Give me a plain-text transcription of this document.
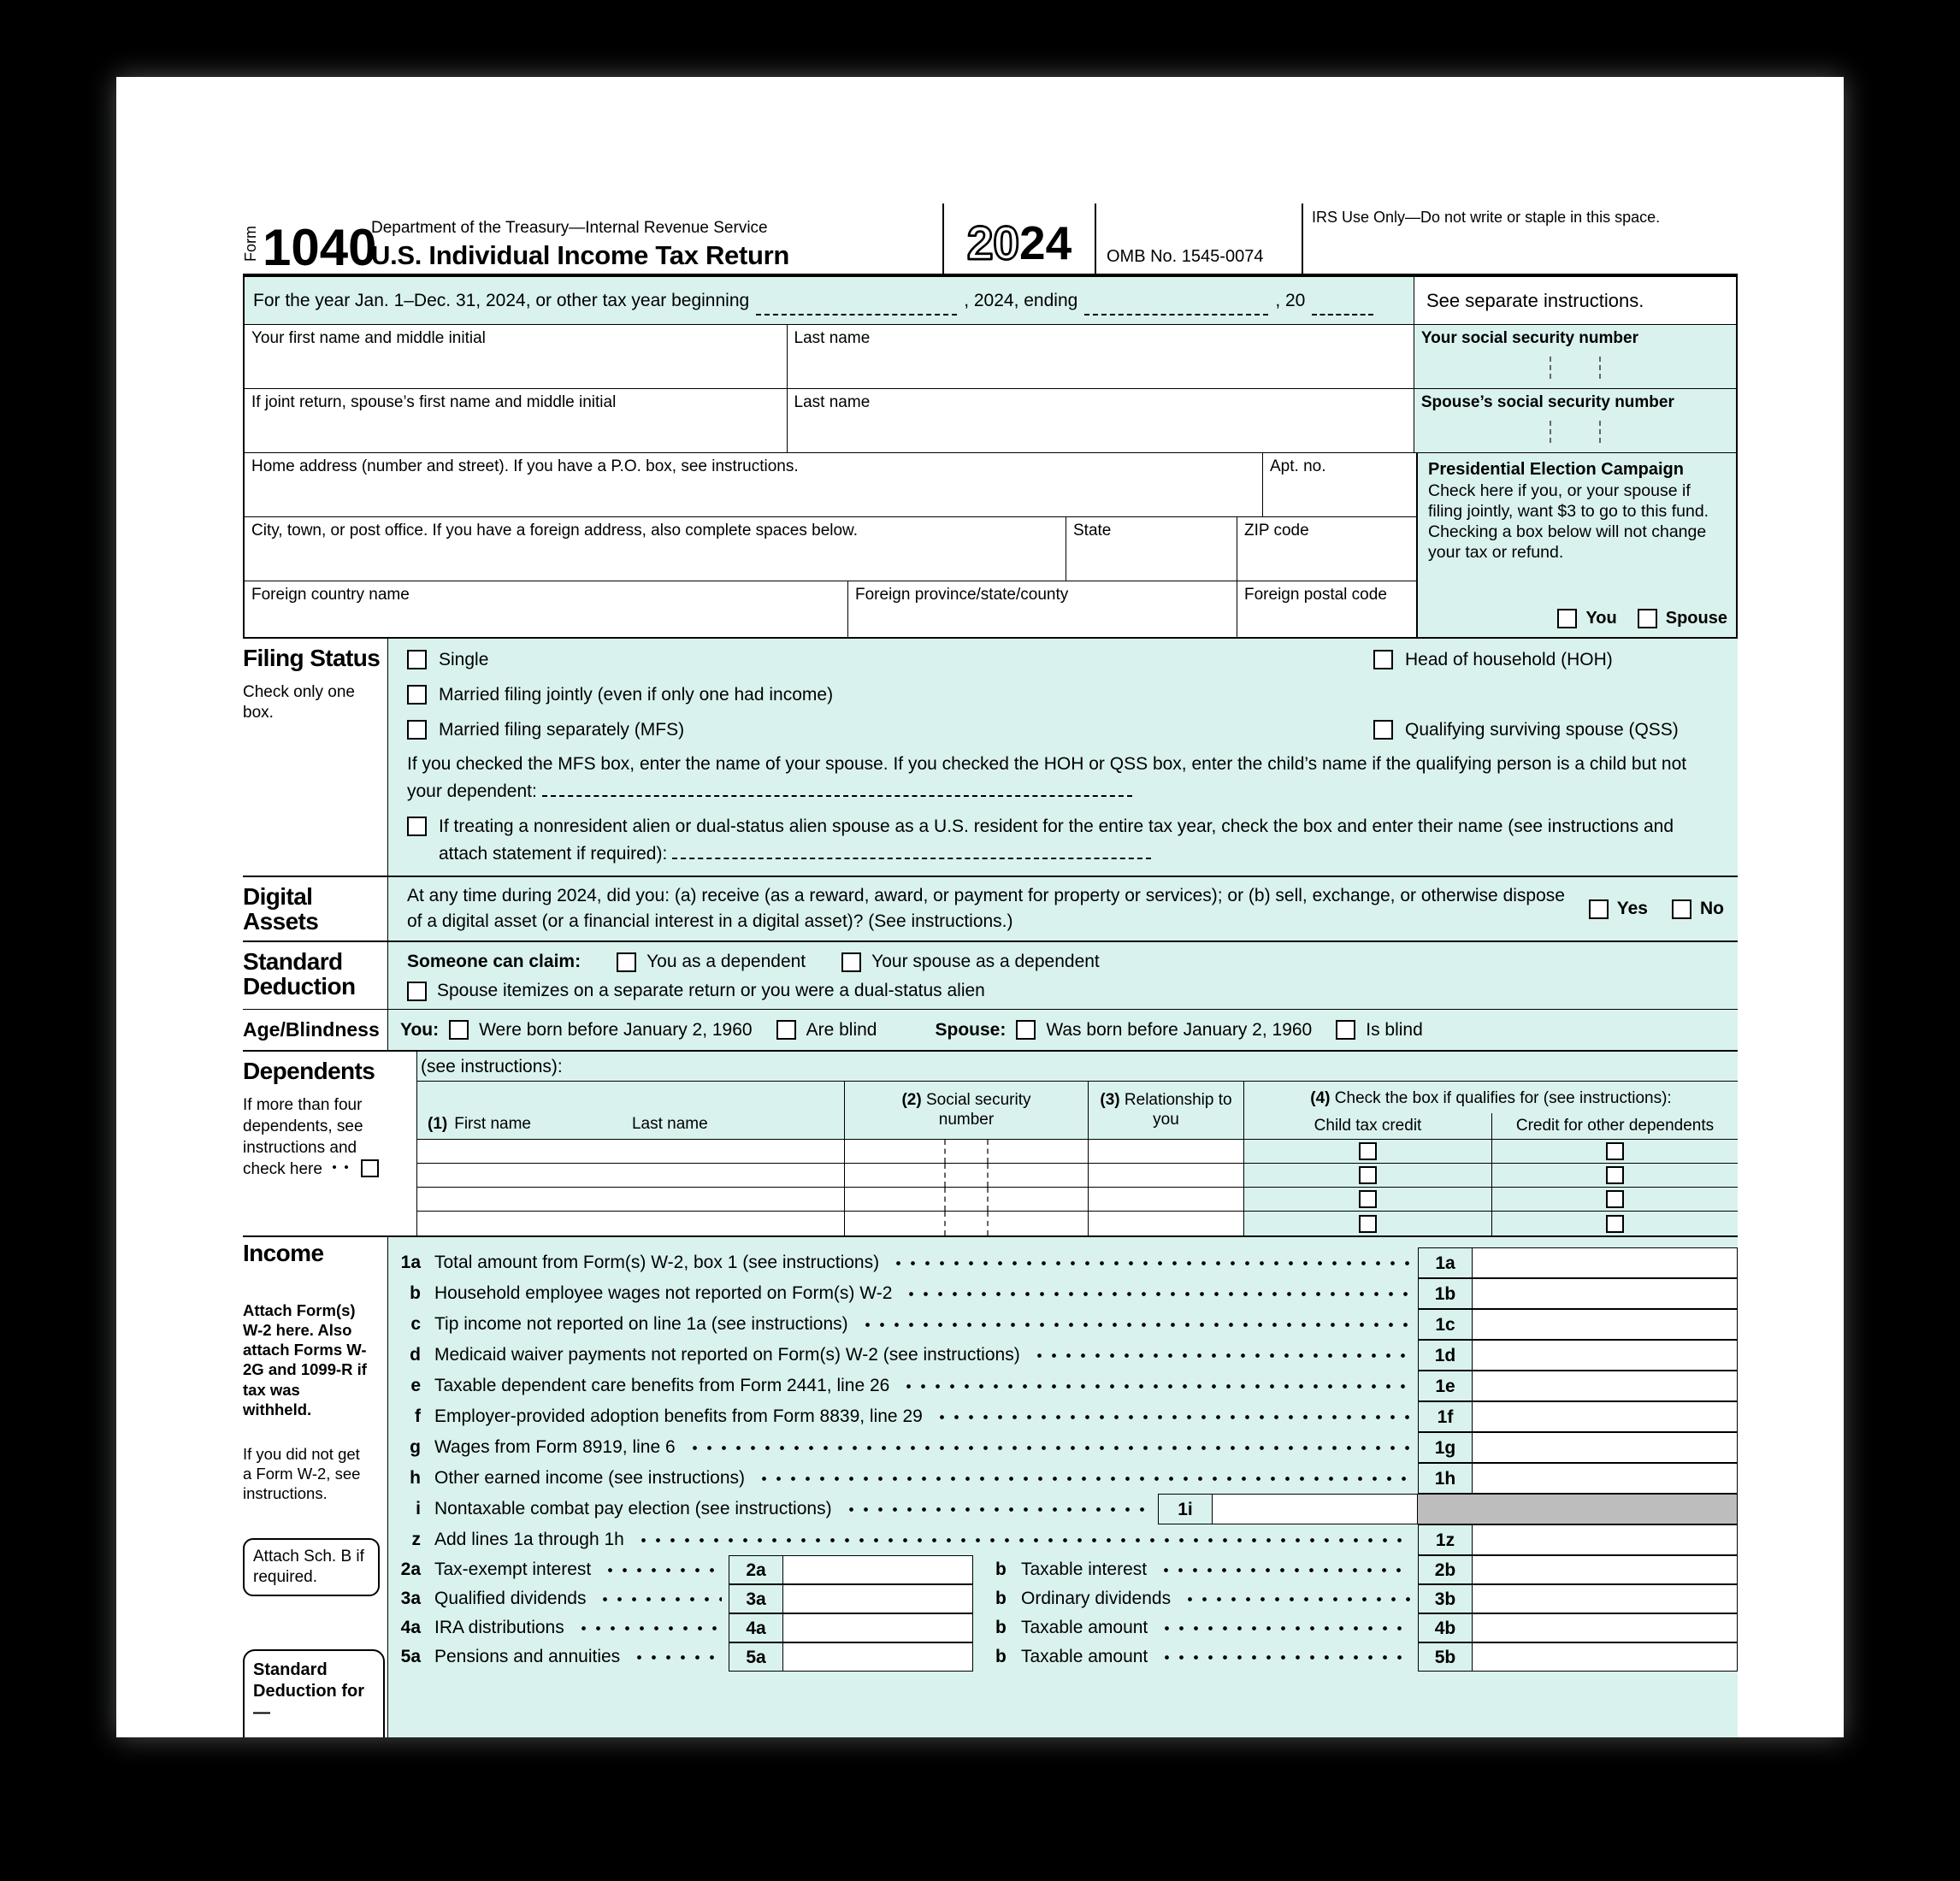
Form 1040
Department of the Treasury—Internal Revenue Service
U.S. Individual Income Tax Return	20 24	OMB No. 1545-0074
IRS Use Only—Do not write or staple in this space.
For the year Jan. 1–Dec. 31, 2024, or other tax year beginning	, 2024, ending	, 20	See separate instructions.
Your first name and middle initial	Last name	Your social security number
If joint return, spouse’s first name and middle initial	Last name	Spouse’s social security number
Home address (number and street). If you have a P.O. box, see instructions.	Apt. no.
City, town, or post office. If you have a foreign address, also complete spaces below.	State	ZIP code
Foreign country name	Foreign province/state/county	Foreign postal code
Presidential Election Campaign
Check here if you, or your spouse if filing jointly, want $3 to go to this fund. Checking a box below will not change your tax or refund.
You	Spouse
Filing Status
Check only one box.
Single	Head of household (HOH)
Married filing jointly (even if only one had income)
Married filing separately (MFS)	Qualifying surviving spouse (QSS)
If you checked the MFS box, enter the name of your spouse. If you checked the HOH or QSS box, enter the child’s name if the qualifying person is a child but not your dependent:
If treating a nonresident alien or dual-status alien spouse as a U.S. resident for the entire tax year, check the box and enter their name (see instructions and attach statement if required):
Digital Assets
At any time during 2024, did you: (a) receive (as a reward, award, or payment for property or services); or (b) sell, exchange, or otherwise dispose of a digital asset (or a financial interest in a digital asset)? (See instructions.)
Yes	No
Standard Deduction
Someone can claim:	You as a dependent	Your spouse as a dependent
Spouse itemizes on a separate return or you were a dual-status alien
Age/Blindness	You: Were born before January 2, 1960	Are blind	Spouse: Was born before January 2, 1960	Is blind
Dependents
If more than four dependents, see instructions and check here
(see instructions):
(1) First name	Last name
(2) Social security number
(3) Relationship to you
(4) Check the box if qualifies for (see instructions):
Child tax credit	Credit for other dependents
Income
Attach Form(s) W-2 here. Also attach Forms W-2G and 1099-R if tax was withheld.
If you did not get a Form W-2, see instructions.
Attach Sch. B if required.
Standard Deduction for—
1a Total amount from Form(s) W-2, box 1 (see instructions)	1a
b Household employee wages not reported on Form(s) W-2	1b
c Tip income not reported on line 1a (see instructions)	1c
d Medicaid waiver payments not reported on Form(s) W-2 (see instructions)	1d
e Taxable dependent care benefits from Form 2441, line 26	1e
f Employer-provided adoption benefits from Form 8839, line 29	1f
g Wages from Form 8919, line 6	1g
h Other earned income (see instructions)	1h
i Nontaxable combat pay election (see instructions)	1i
z Add lines 1a through 1h	1z
2a Tax-exempt interest	2a	b Taxable interest	2b
3a Qualified dividends	3a	b Ordinary dividends	3b
4a IRA distributions	4a	b Taxable amount	4b
5a Pensions and annuities	5a	b Taxable amount	5b
